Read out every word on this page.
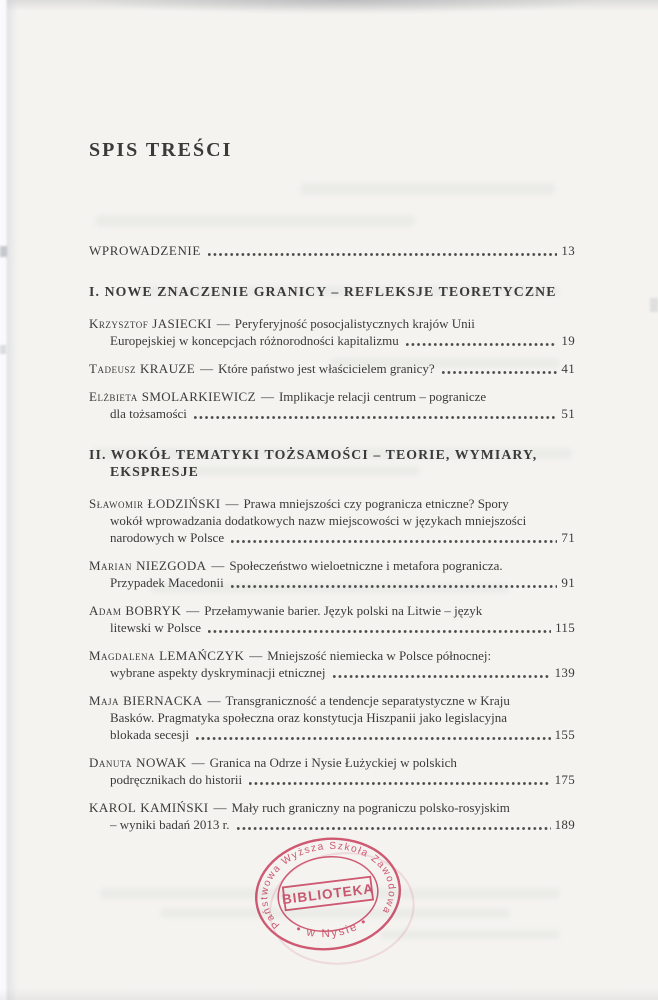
SPIS TREŚCI
WPROWADZENIE	13
I. NOWE ZNACZENIE GRANICY – REFLEKSJE TEORETYCZNE
Krzysztof JASIECKI — Peryferyjność posocjalistycznych krajów Unii
Europejskiej w koncepcjach różnorodności kapitalizmu	19
Tadeusz KRAUZE — Które państwo jest właścicielem granicy?	41
Elżbieta SMOLARKIEWICZ — Implikacje relacji centrum – pogranicze
dla tożsamości	51
II. WOKÓŁ TEMATYKI TOŻSAMOŚCI – TEORIE, WYMIARY,
EKSPRESJE
Sławomir ŁODZIŃSKI — Prawa mniejszości czy pogranicza etniczne? Spory
wokół wprowadzania dodatkowych nazw miejscowości w językach mniejszości
narodowych w Polsce	71
Marian NIEZGODA — Społeczeństwo wieloetniczne i metafora pogranicza.
Przypadek Macedonii	91
Adam BOBRYK — Przełamywanie barier. Język polski na Litwie – język
litewski w Polsce	115
Magdalena LEMAŃCZYK — Mniejszość niemiecka w Polsce północnej:
wybrane aspekty dyskryminacji etnicznej	139
Maja BIERNACKA — Transgraniczność a tendencje separatystyczne w Kraju
Basków. Pragmatyka społeczna oraz konstytucja Hiszpanii jako legislacyjna
blokada secesji	155
Danuta NOWAK — Granica na Odrze i Nysie Łużyckiej w polskich
podręcznikach do historii	175
KAROL KAMIŃSKI — Mały ruch graniczny na pograniczu polsko-rosyjskim
– wyniki badań 2013 r.	189
BIBLIOTEKA
Państwowa Wyższa Szkoła Zawodowa
• w Nysie •
